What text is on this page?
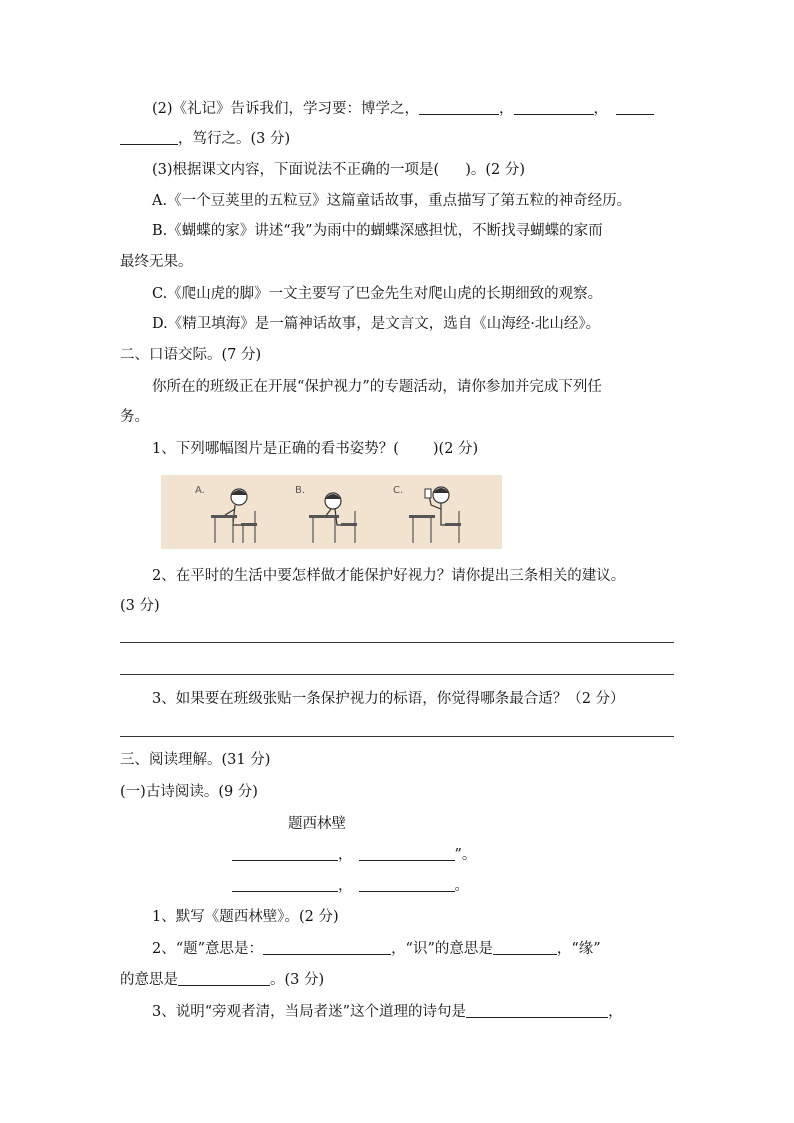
(2)《礼记》告诉我们，学习要：博学之，	，	，
，笃行之。(3 分)
(3)根据课文内容，下面说法不正确的一项是( )。(2 分)
A.《一个豆荚里的五粒豆》这篇童话故事，重点描写了第五粒的神奇经历。
B.《蝴蝶的家》讲述“我”为雨中的蝴蝶深感担忧，不断找寻蝴蝶的家而
最终无果。
C.《爬山虎的脚》一文主要写了巴金先生对爬山虎的长期细致的观察。
D.《精卫填海》是一篇神话故事，是文言文，选自《山海经·北山经》。
二、口语交际。(7 分)
你所在的班级正在开展“保护视力”的专题活动，请你参加并完成下列任
务。
1、下列哪幅图片是正确的看书姿势？( )(2 分)
A.	B.	C.
2、在平时的生活中要怎样做才能保护好视力？请你提出三条相关的建议。
(3 分)
3、如果要在班级张贴一条保护视力的标语，你觉得哪条最合适？（2 分）
三、阅读理解。(31 分)
(一)古诗阅读。(9 分)
题西林壁
，	”。
，	。
1、默写《题西林壁》。(2 分)
2、“题”意思是：	，“识”的意思是	，“缘”
的意思是	。(3 分)
3、说明“旁观者清，当局者迷”这个道理的诗句是	，
